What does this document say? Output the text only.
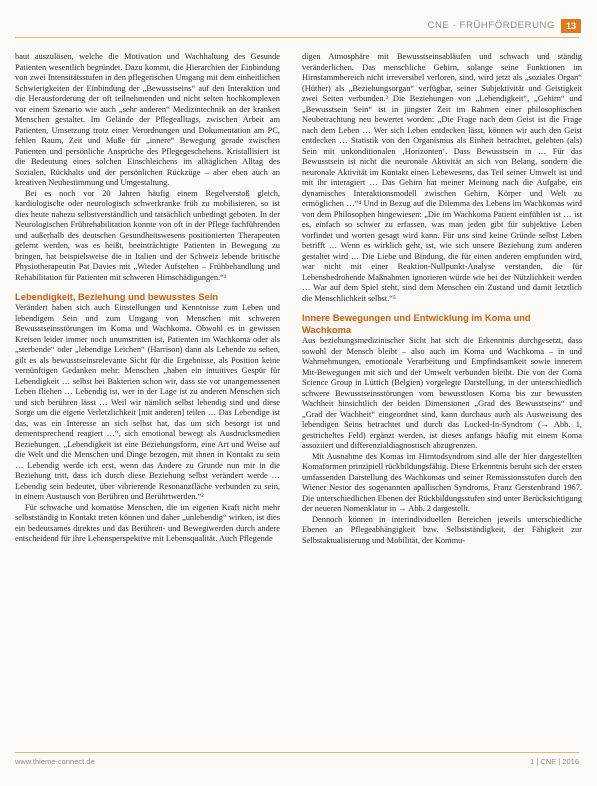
CNE · FRÜHFÖRDERUNG	13

baut auszulösen, welche die Motivation und Wachhaltung des Gesunde Patienten wesentlich begründet. Dazu kommt, die Hierarchien der Einbindung von zwei Intensitätsstufen in den pflegerischen Umgang mit dem einheitlichen Schwierigkeiten der Einbindung der „Bewusstseins“ auf den Interaktion und die Herausforderung der oft teilnehmenden und nicht selten hochkomplexen vor einem Szenario wie auch „sehr anderen“ Medizintechnik an der kranken Menschen gestaltet. Im Gelände der Pflegealltags, zwischen Arbeit am Patienten, Umsetzung trotz einer Verordnungen und Dokumentation am PC, fehlen Raum, Zeit und Muße für „innere“ Bewegung gerade zwischen Patienten und persönliche Ansprüche des Pflegegeschehens. Kristallisiert ist die Bedeutung eines solchen Einschleichens im alltäglichen Alltag des Sozialen, Rückhalts und der persönlichen Rückzüge – aber eben auch an kreativen Neubestimmung und Umgestaltung.

Bei es noch vor 20 Jahren häufig einem Regelverstoß gleich, kardiologische oder neurologisch schwerkranke früh zu mobilisieren, so ist dies heute nahezu selbstverständlich und tatsächlich unbedingt geboten. In der Neurologischen Frührehabilitation konnte von oft in der Pflege fachführenden und außerhalb des deutschen Gesundheitswesens positionierten Therapeuten gelernt werden, was es heißt, beeinträchtigte Patienten in Bewegung zu bringen, hat beispielsweise die in Italien und der Schweiz lebende britische Physiotherapeutin Pat Davies mit „Wieder Aufstehen – Frühbehandlung und Rehabilitation für Patienten mit schweren Hirnschädigungen.“¹

Lebendigkeit, Beziehung und bewusstes Sein

Verändert haben sich auch Einstellungen und Kenntnisse zum Leben und lebendigem Sein und zum Umgang von Menschen mit schweren Bewusstseinsstörungen im Koma und Wachkoma. Obwohl es in gewissen Kreisen leider immer noch unumstritten ist, Patienten im Wachkoma oder als „sterbende“ oder „lebendige Leichen“ (Harrison) dann als Lebende zu sehen, gilt es als bewusstseinsrelevante Sicht für die Ergebnisse, als Position keine vernünftigen Gedanken mehr: Menschen „haben ein intuitives Gespür für Lebendigkeit … selbst bei Bakterien schon wir, dass sie vor unangemessenen Leben fliehen … Lebendig ist, wer in der Lage ist zu anderen Menschen sich und sich berühren lässt … Weil wir nämlich selbst lebendig sind und diese Sorge um die eigene Verletzlichkeit [mit anderen] teilen … Das Lebendige ist das, was ein Interesse an sich selbst hat, das um sich besorgt ist und dementsprechend reagiert …“, sich emotional bewegt als Ausdrucksmedien Beziehungen. „Lebendigkeit ist eine Beziehungsform, eine Art und Weise auf die Welt und die Menschen und Dinge bezogen, mit ihnen in Kontakt zu sein … Lebendig werde ich erst, wenn das Andere zu Grunde nun mir in die Beziehung tritt, dass ich durch diese Beziehung selbst verändert werde … Lebendig sein bedeutet, über vibrierende Resonanzfläche verbunden zu sein, in einem Austausch von Berühren und Berührtwerden.“²

Für schwache und komatöse Menschen, die im eigenen Kraft nicht mehr selbstständig in Kontakt treten können und daher „unlebendig“ wirken, ist dies ein bedeutsames direktes und das Berühren- und Bewegtwerden durch andere entscheidend für ihre Lebensperspektive mit Lebensqualität. Auch Pflegende

digen Atmosphäre mit Bewusstseinsabläufen und schwach und ständig veränderlichen. Das menschliche Gehirn, solange seine Funktionen im Hirnstammbereich nicht irreversibel verloren, sind, wird jetzt als „soziales Organ“ (Hüther) als „Beziehungsorgan“ verfügbar, seiner Subjektivität und Geistigkeit zwei Seiten verbunden.³ Die Beziehungen von „Lebendigkeit“, „Gehirn“ und „Bewusstsein Sein“ ist in jüngster Zeit im Rahmen einer philosophischen Neubetrachtung neu bewertet worden: „Die Frage nach dem Geist ist die Frage nach dem Leben … Wer sich Leben entdecken lässt, können wir auch den Geist entdecken … Statistik von den Organismus als Einheit betrachtet, gelebten (als) Sein mit unkonditionalen ‚Horizonten‘. Dass Bewusstsein in … Für das Bewusstsein ist nicht die neuronale Aktivität an sich von Belang, sondern die neuronale Aktivität im Kontakt einen Lebewesens, das Teil seiner Umwelt ist und mit ihr interagiert … Das Gehirn hat meiner Meinung nach die Aufgabe, ein dynamisches Interaktionsmodell zwischen Gehirn, Körper und Welt zu ermöglichen …“⁴ Und in Bezug auf die Dilemma des Lebens im Wachkomas wird von dem Philosophen hingewiesen: „Die im Wachkoma Patient einfühlen ist … ist es, einfach so schwer zu erfassen, was man jeden gibt für subjektive Leben vorfindet und worten gesagt wird kann. Für uns sind keine Gründe selbst Leben betrifft … Wenn es wirklich geht, ist, wie sich unsere Beziehung zum anderen gestaltet wird … Die Liebe und Bindung, die für einen anderen empfunden wird, war nicht mit einer Reaktion-Nullpunkt-Analyse verstanden, die für Lebensbedrohende Maßnahmen ignorieren würde wie bei der Nützlichkeit werden … War auf dem Spiel steht, sind dem Menschen ein Zustand und damit letztlich die Menschlichkeit selbst.“⁵

Innere Bewegungen und Entwicklung im Koma und Wachkoma

Aus beziehungsmedizinischer Sicht hat sich die Erkenntnis durchgesetzt, dass sowohl der Mensch bleibt – also auch im Koma und Wachkoma – in und Wahrnehmungen, emotionale Verarbeitung und Empfindsamkeit sowie innerem Mit-Bewegungen mit sich und der Umwelt verbunden bleibt. Die von der Coma Science Group in Lüttich (Belgien) vorgelegte Darstellung, in der unterschiedlich schwere Bewusstseinsstörungen vom bewusstlosen Koma bis zur bewussten Wachheit hinsichtlich der beiden Dimensionen „Grad des Bewusstseins“ und „Grad der Wachheit“ eingeordnet sind, kann durchaus auch als Ausweisung des lebendigen Seins betrachtet und durch das Locked-In-Syndrom (→ Abb. 1, gestricheltes Feld) ergänzt werden, ist dieses anfangs häufig mit einem Koma assoziiert und differenzialdiagnostisch abzugrenzen.

Mit Ausnahme des Komas im Hirntodsyndrom sind alle der hier dargestellten Komaformen prinzipiell rückbildungsfähig. Diese Erkenntnis beruht sich der ersten umfassenden Darstellung des Wachkomas und seiner Remissionsstufen durch den Wiener Nestor des sogenannten apallischen Syndroms, Franz Gerstenbrand 1967. Die unterschiedlichen Ebenen der Rückbildungsstufen sind unter Berücksichtigung der neueren Nomenklatur in → Abb. 2 dargestellt.

Dennoch können in interindividuellen Bereichen jeweils unterschiedliche Ebenen an Pflegeabhängigkeit bzw. Selbstständigkeit, der Fähigkeit zur Selbstaktualisierung und Mobilität, der Kommu-

www.thieme-connect.de	1 | CNE | 2016
